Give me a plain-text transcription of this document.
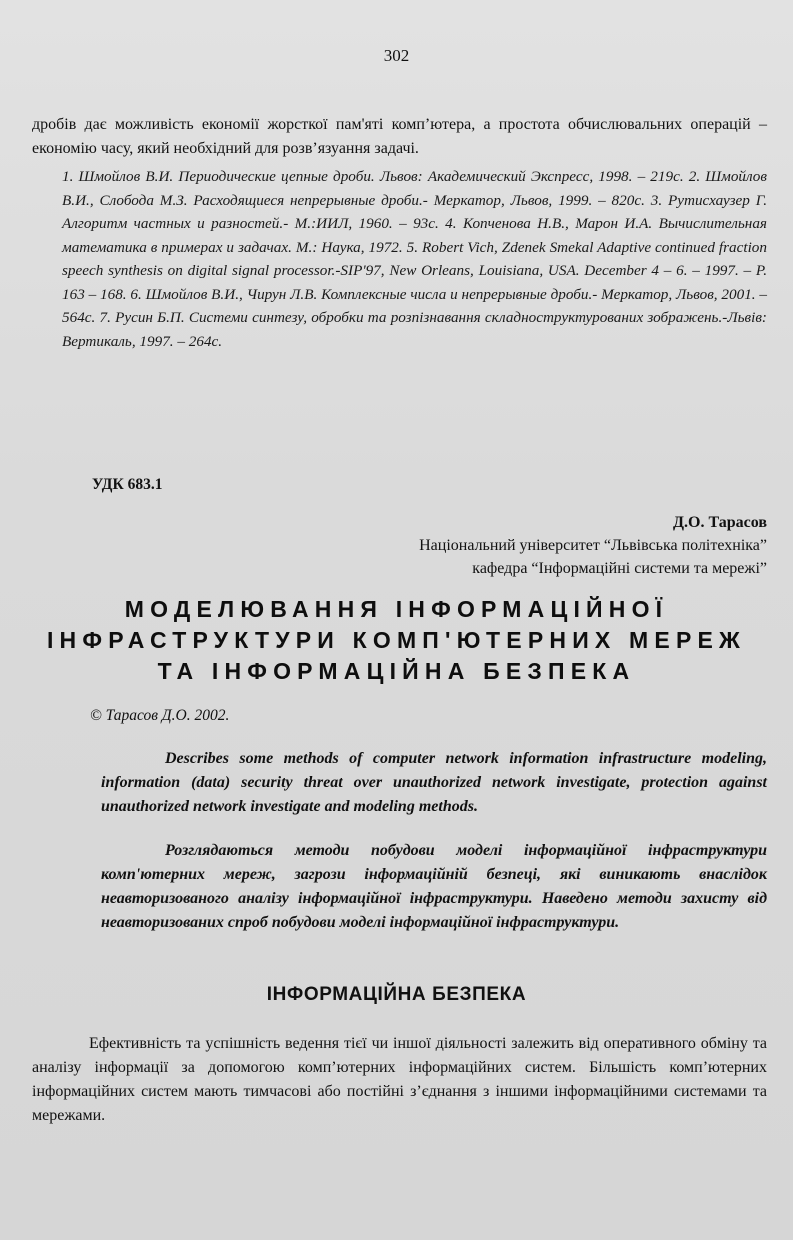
302
дробів дає можливість економії жорсткої пам'яті комп’ютера, а простота обчислювальних операцій – економію часу, який необхідний для розв’язуання задачі.
1. Шмойлов В.И. Периодические цепные дроби. Львов: Академический Экспресс, 1998. – 219с. 2. Шмойлов В.И., Слобода М.З. Расходящиеся непрерывные дроби.- Меркатор, Львов, 1999. – 820с. 3. Рутисхаузер Г. Алгоритм частных и разностей.- М.:ИИЛ, 1960. – 93с. 4. Копченова Н.В., Марон И.А. Вычислительная математика в примерах и задачах. М.: Наука, 1972. 5. Robert Vich, Zdenek Smekal Adaptive continued fraction speech synthesis on digital signal processor.-SIP'97, New Orleans, Louisiana, USA. December 4 – 6. – 1997. – P. 163 – 168. 6. Шмойлов В.И., Чирун Л.В. Комплексные числа и непрерывные дроби.- Меркатор, Львов, 2001. – 564с. 7. Русин Б.П. Системи синтезу, обробки та розпізнавання складноструктурованих зображень.-Львів: Вертикаль, 1997. – 264с.
УДК 683.1
Д.О. Тарасов
Національний університет “Львівська політехніка”
кафедра “Інформаційні системи та мережі”
МОДЕЛЮВАННЯ ІНФОРМАЦІЙНОЇ ІНФРАСТРУКТУРИ КОМП'ЮТЕРНИХ МЕРЕЖ ТА ІНФОРМАЦІЙНА БЕЗПЕКА
© Тарасов Д.О. 2002.
Describes some methods of computer network information infrastructure modeling, information (data) security threat over unauthorized network investigate, protection against unauthorized network investigate and modeling methods.
Розглядаються методи побудови моделі інформаційної інфраструктури комп'ютерних мереж, загрози інформаційній безпеці, які виникають внаслідок неавторизованого аналізу інформаційної інфраструктури. Наведено методи захисту від неавторизованих спроб побудови моделі інформаційної інфраструктури.
ІНФОРМАЦІЙНА БЕЗПЕКА
Ефективність та успішність ведення тієї чи іншої діяльності залежить від оперативного обміну та аналізу інформації за допомогою комп’ютерних інформаційних систем. Більшість комп’ютерних інформаційних систем мають тимчасові або постійні з’єднання з іншими інформаційними системами та мережами.
